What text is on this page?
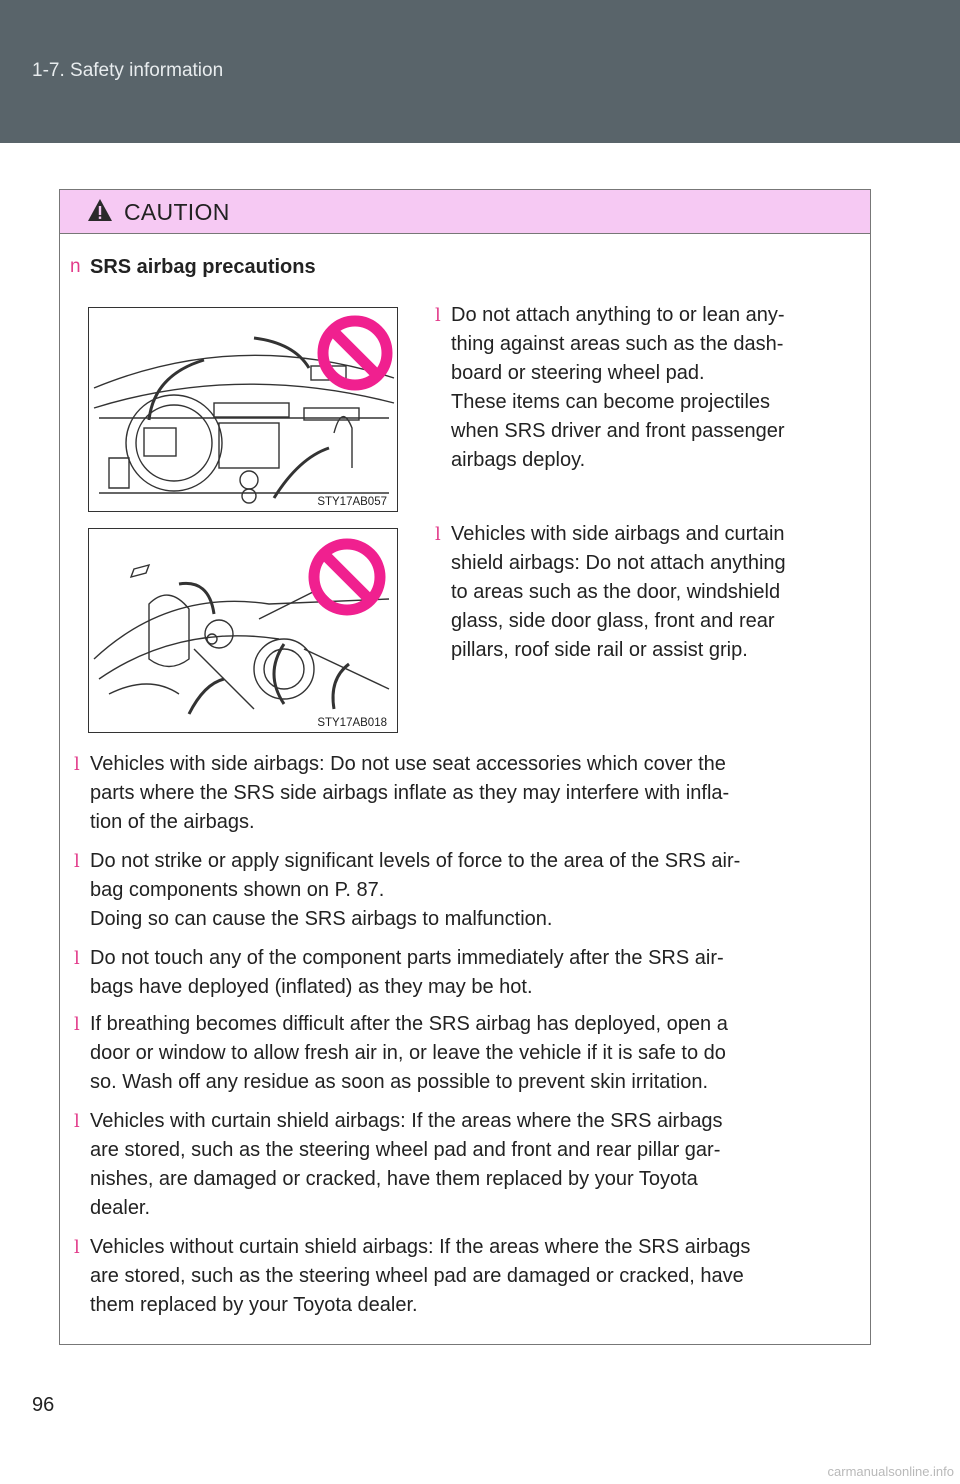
1-7. Safety information
CAUTION
n SRS airbag precautions
STY17AB057
STY17AB018
l Do not attach anything to or lean any-
thing against areas such as the dash-
board or steering wheel pad.
These items can become projectiles
when SRS driver and front passenger
airbags deploy.
l Vehicles with side airbags and curtain
shield airbags: Do not attach anything
to areas such as the door, windshield
glass, side door glass, front and rear
pillars, roof side rail or assist grip.
l Vehicles with side airbags: Do not use seat accessories which cover the
parts where the SRS side airbags inflate as they may interfere with infla-
tion of the airbags.
l Do not strike or apply significant levels of force to the area of the SRS air-
bag components shown on P. 87.
Doing so can cause the SRS airbags to malfunction.
l Do not touch any of the component parts immediately after the SRS air-
bags have deployed (inflated) as they may be hot.
l If breathing becomes difficult after the SRS airbag has deployed, open a
door or window to allow fresh air in, or leave the vehicle if it is safe to do
so. Wash off any residue as soon as possible to prevent skin irritation.
l Vehicles with curtain shield airbags: If the areas where the SRS airbags
are stored, such as the steering wheel pad and front and rear pillar gar-
nishes, are damaged or cracked, have them replaced by your Toyota
dealer.
l Vehicles without curtain shield airbags: If the areas where the SRS airbags
are stored, such as the steering wheel pad are damaged or cracked, have
them replaced by your Toyota dealer.
96
carmanualsonline.info
